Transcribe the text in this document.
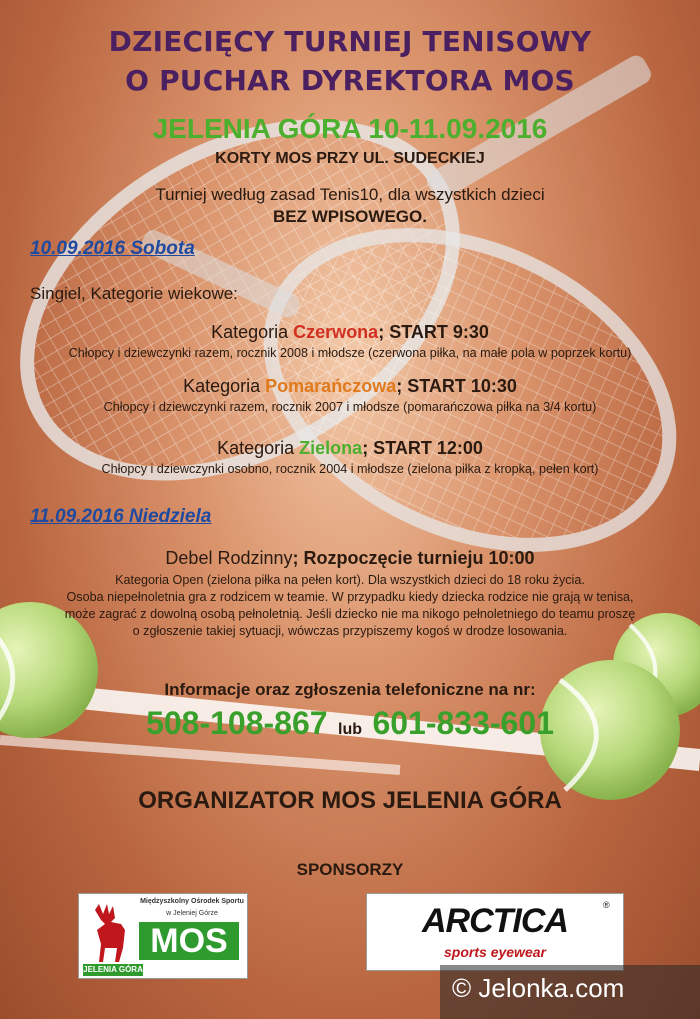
DZIECIĘCY TURNIEJ TENISOWY
O PUCHAR DYREKTORA MOS
JELENIA GÓRA 10-11.09.2016
KORTY MOS PRZY UL. SUDECKIEJ
Turniej według zasad Tenis10, dla wszystkich dzieci
BEZ WPISOWEGO.
10.09.2016 Sobota
Singiel, Kategorie wiekowe:
Kategoria Czerwona; START 9:30
Chłopcy i dziewczynki razem, rocznik 2008 i młodsze (czerwona piłka, na małe pola w poprzek kortu)
Kategoria Pomarańczowa; START 10:30
Chłopcy i dziewczynki razem, rocznik 2007 i młodsze (pomarańczowa piłka na 3/4 kortu)
Kategoria Zielona; START 12:00
Chłopcy i dziewczynki osobno, rocznik 2004 i młodsze (zielona piłka z kropką, pełen kort)
11.09.2016 Niedziela
Debel Rodzinny; Rozpoczęcie turnieju 10:00
Kategoria Open (zielona piłka na pełen kort). Dla wszystkich dzieci do 18 roku życia.
Osoba niepełnoletnia gra z rodzicem w teamie. W przypadku kiedy dziecka rodzice nie grają w tenisa,
może zagrać z dowolną osobą pełnoletnią. Jeśli dziecko nie ma nikogo pełnoletniego do teamu proszę
o zgłoszenie takiej sytuacji, wówczas przypiszemy kogoś w drodze losowania.
Informacje oraz zgłoszenia telefoniczne na nr:
508-108-867 lub 601-833-601
ORGANIZATOR MOS JELENIA GÓRA
SPONSORZY
Międzyszkolny Ośrodek Sportu
w Jeleniej Górze
MOS
JELENIA GÓRA
ARCTICA	®
sports eyewear
© Jelonka.com
